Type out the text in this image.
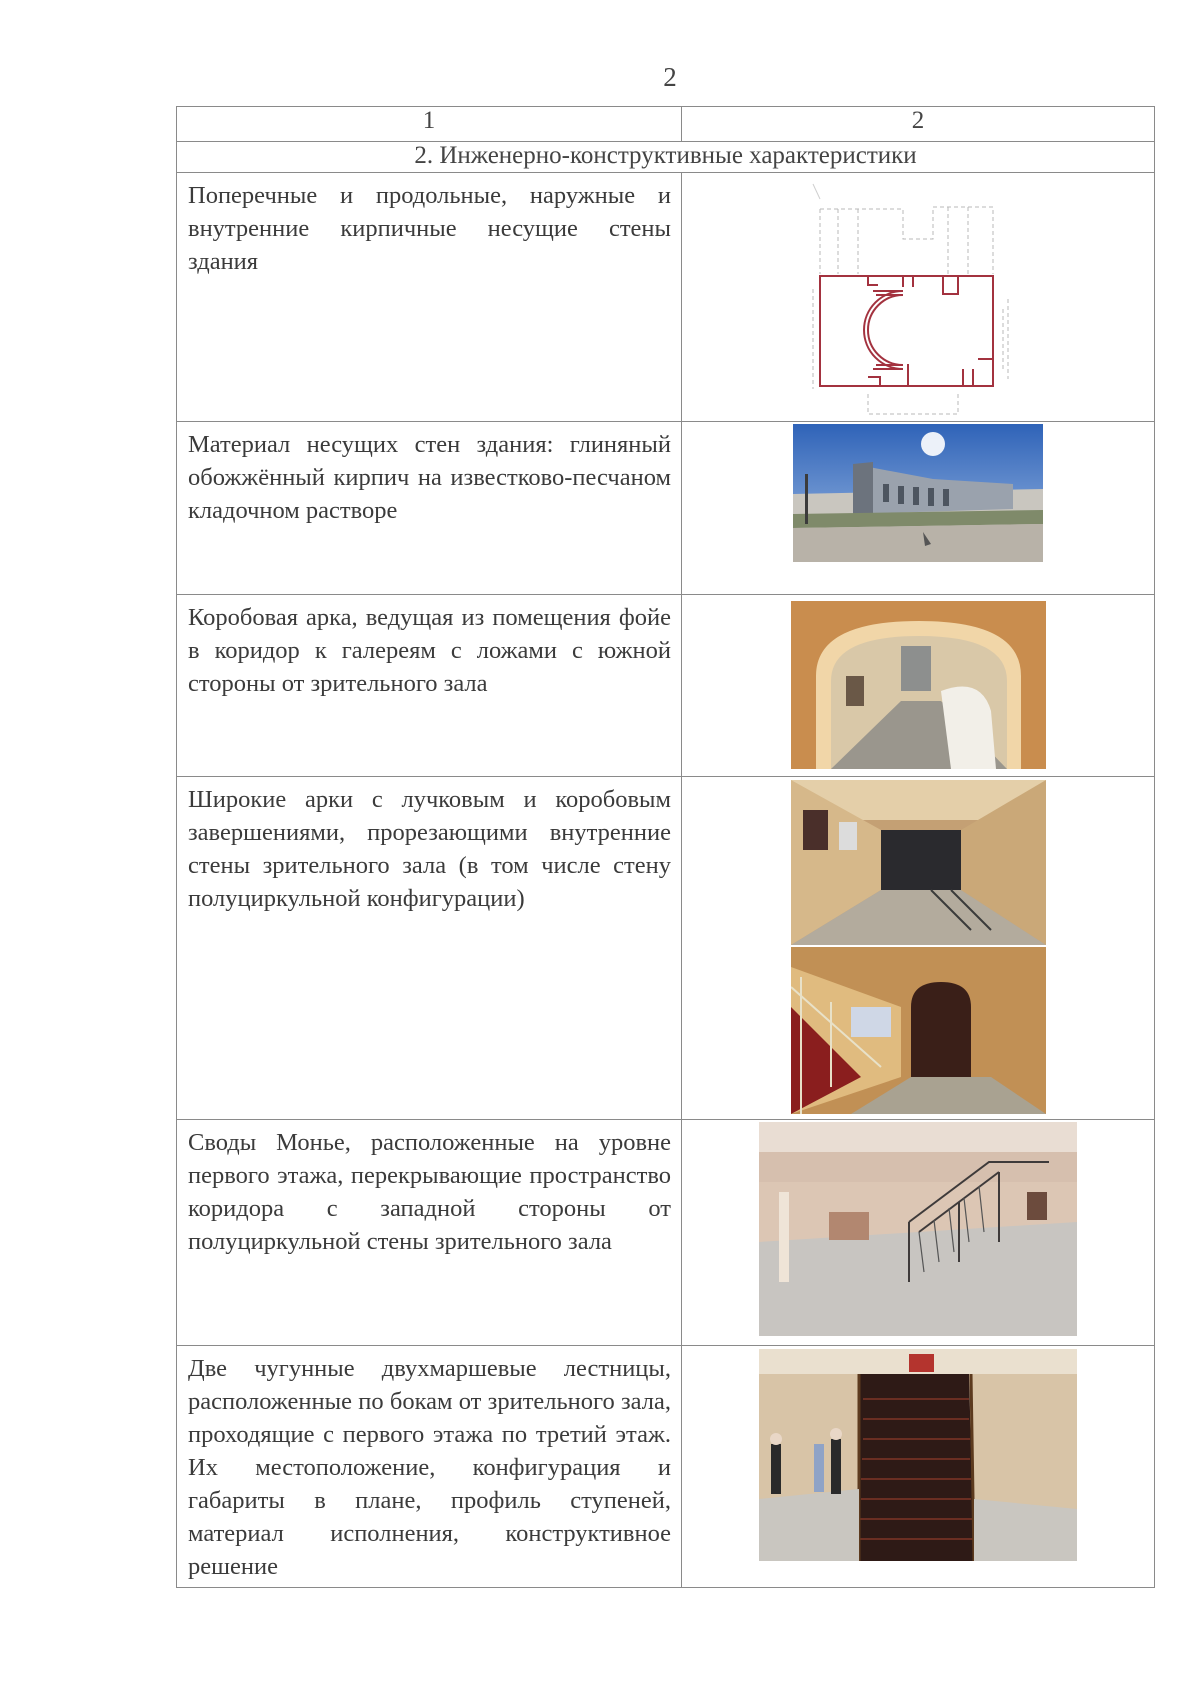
2
1	2
2. Инженерно-конструктивные характеристики	

Поперечные и продольные, наружные и внутренние кирпичные несущие стены здания

Материал несущих стен здания: глиняный обожжённый кирпич на известково-песчаном кладочном растворе

Коробовая арка, ведущая из помещения фойе в коридор к галереям с ложами с южной стороны от зрительного зала

Широкие арки с лучковым и коробовым завершениями, прорезающими внутренние стены зрительного зала (в том числе стену полуциркульной конфигурации)

Своды Монье, расположенные на уровне первого этажа, перекрывающие пространство коридора с западной стороны от полуциркульной стены зрительного зала

Две чугунные двухмаршевые лестницы, расположенные по бокам от зрительного зала, проходящие с первого этажа по третий этаж. Их местоположение, конфигурация и габариты в плане, профиль ступеней, материал исполнения, конструктивное решение
